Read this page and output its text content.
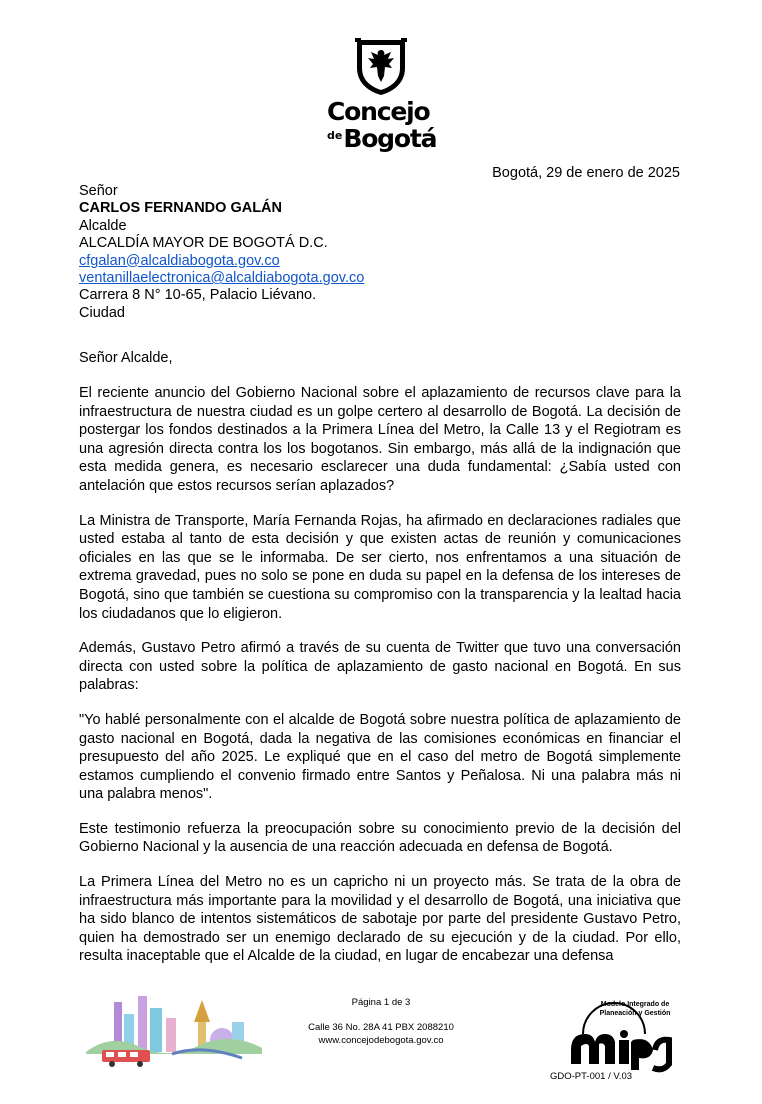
Concejo
$^{de}$Bogotá
Bogotá, 29 de enero de 2025
Señor
CARLOS FERNANDO GALÁN
Alcalde
ALCALDÍA MAYOR DE BOGOTÁ D.C.
cfgalan@alcaldiabogota.gov.co
ventanillaelectronica@alcaldiabogota.gov.co
Carrera 8 N° 10-65, Palacio Liévano.
Ciudad
Señor Alcalde,

El reciente anuncio del Gobierno Nacional sobre el aplazamiento de recursos clave para la infraestructura de nuestra ciudad es un golpe certero al desarrollo de Bogotá. La decisión de postergar los fondos destinados a la Primera Línea del Metro, la Calle 13 y el Regiotram es una agresión directa contra los los bogotanos. Sin embargo, más allá de la indignación que esta medida genera, es necesario esclarecer una duda fundamental: ¿Sabía usted con antelación que estos recursos serían aplazados?

La Ministra de Transporte, María Fernanda Rojas, ha afirmado en declaraciones radiales que usted estaba al tanto de esta decisión y que existen actas de reunión y comunicaciones oficiales en las que se le informaba. De ser cierto, nos enfrentamos a una situación de extrema gravedad, pues no solo se pone en duda su papel en la defensa de los intereses de Bogotá, sino que también se cuestiona su compromiso con la transparencia y la lealtad hacia los ciudadanos que lo eligieron.

Además, Gustavo Petro afirmó a través de su cuenta de Twitter que tuvo una conversación directa con usted sobre la política de aplazamiento de gasto nacional en Bogotá. En sus palabras:

"Yo hablé personalmente con el alcalde de Bogotá sobre nuestra política de aplazamiento de gasto nacional en Bogotá, dada la negativa de las comisiones económicas en financiar el presupuesto del año 2025. Le expliqué que en el caso del metro de Bogotá simplemente estamos cumpliendo el convenio firmado entre Santos y Peñalosa. Ni una palabra más ni una palabra menos".

Este testimonio refuerza la preocupación sobre su conocimiento previo de la decisión del Gobierno Nacional y la ausencia de una reacción adecuada en defensa de Bogotá.

La Primera Línea del Metro no es un capricho ni un proyecto más. Se trata de la obra de infraestructura más importante para la movilidad y el desarrollo de Bogotá, una iniciativa que ha sido blanco de intentos sistemáticos de sabotaje por parte del presidente Gustavo Petro, quien ha demostrado ser un enemigo declarado de su ejecución y de la ciudad. Por ello, resulta inaceptable que el Alcalde de la ciudad, en lugar de encabezar una defensa

Página 1 de 3
Calle 36 No. 28A 41 PBX 2088210
www.concejodebogota.gov.co
Modelo Integrado de Planeación y Gestión
GDO-PT-001 / V.03
